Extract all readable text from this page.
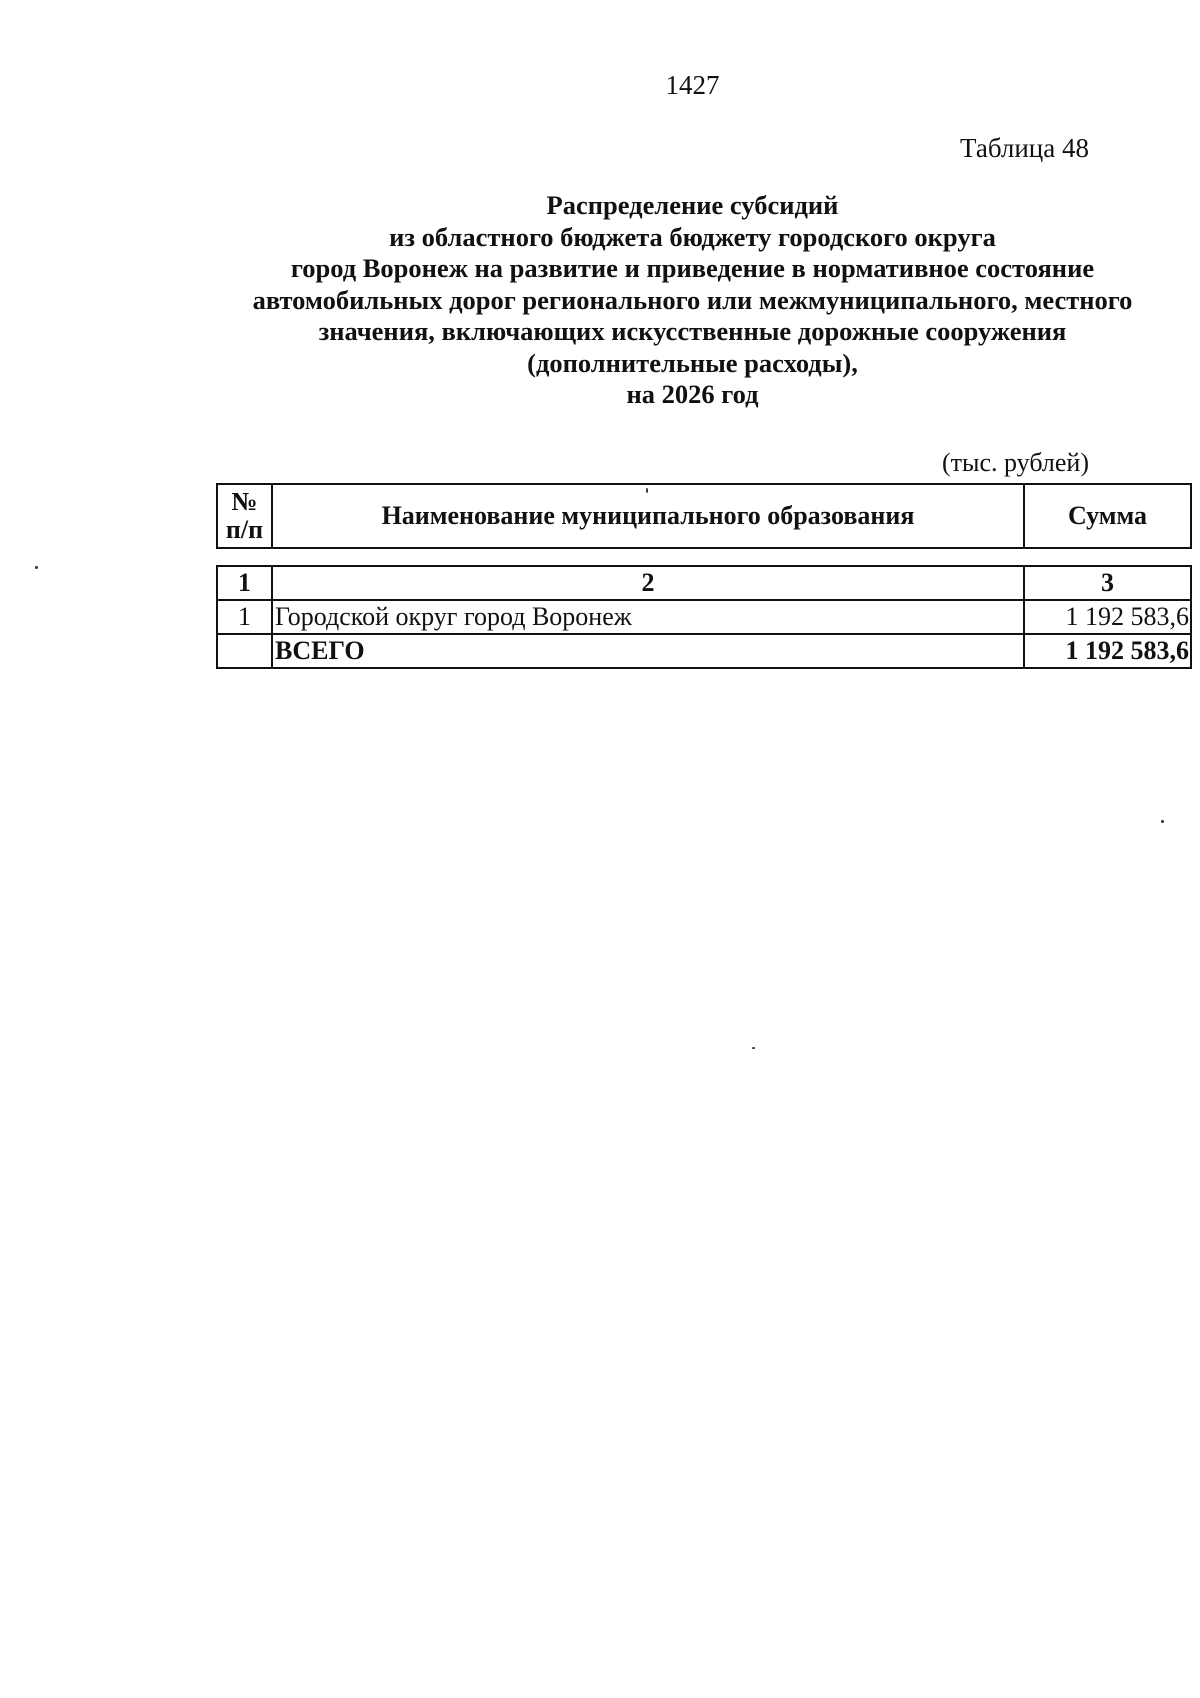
1427
Таблица 48
Распределение субсидий
из областного бюджета бюджету городского округа
город Воронеж на развитие и приведение в нормативное состояние
автомобильных дорог регионального или межмуниципального, местного
значения, включающих искусственные дорожные сооружения
(дополнительные расходы),
на 2026 год
(тыс. рублей)
№
п/п	Наименование муниципального образования	Сумма
1	2	3
1	Городской округ город Воронеж	1 192 583,6
	ВСЕГО	1 192 583,6
